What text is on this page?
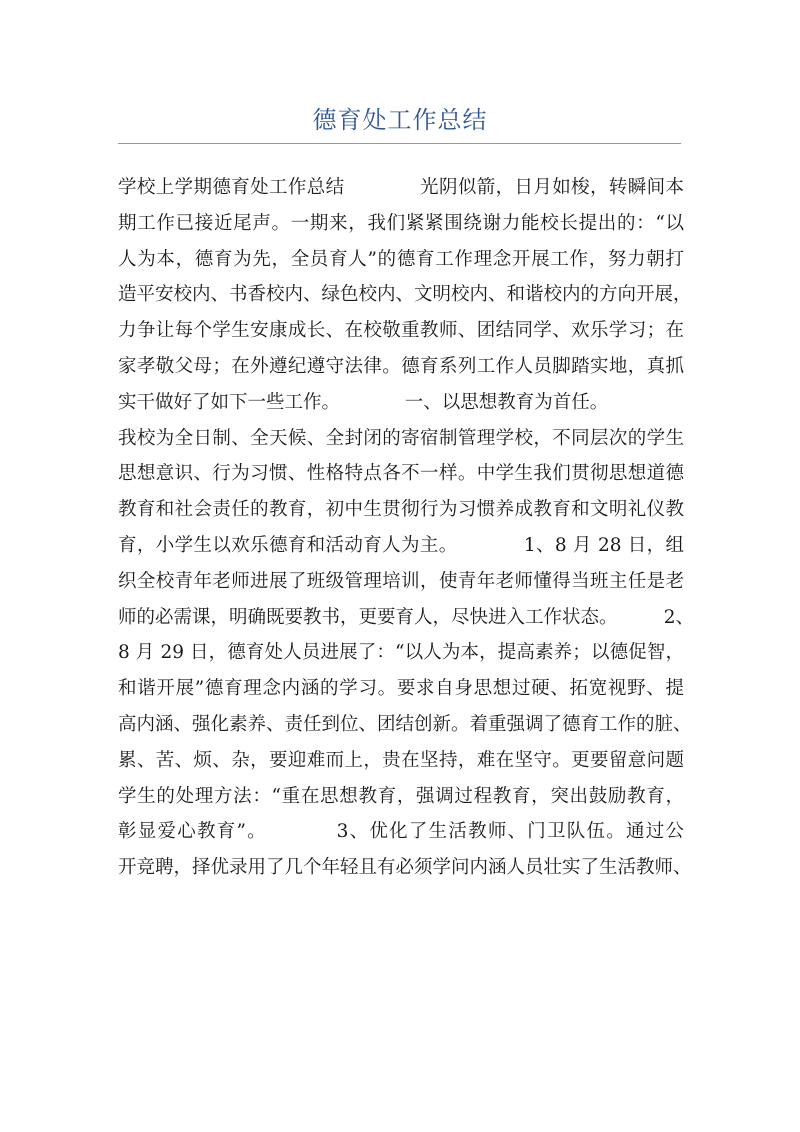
德育处工作总结
学校上学期德育处工作总结　　　　光阴似箭，日月如梭，转瞬间本
期工作已接近尾声。一期来，我们紧紧围绕谢力能校长提出的：“以
人为本，德育为先，全员育人”的德育工作理念开展工作，努力朝打
造平安校内、书香校内、绿色校内、文明校内、和谐校内的方向开展，
力争让每个学生安康成长、在校敬重教师、团结同学、欢乐学习；在
家孝敬父母；在外遵纪遵守法律。德育系列工作人员脚踏实地，真抓
实干做好了如下一些工作。　　　　一、以思想教育为首任。
我校为全日制、全天候、全封闭的寄宿制管理学校，不同层次的学生
思想意识、行为习惯、性格特点各不一样。中学生我们贯彻思想道德
教育和社会责任的教育，初中生贯彻行为习惯养成教育和文明礼仪教
育，小学生以欢乐德育和活动育人为主。　　　　1、8 月 28 日，组
织全校青年老师进展了班级管理培训，使青年老师懂得当班主任是老
师的必需课，明确既要教书，更要育人，尽快进入工作状态。　　　2、
8 月 29 日，德育处人员进展了：“以人为本，提高素养；以德促智，
和谐开展”德育理念内涵的学习。要求自身思想过硬、拓宽视野、提
高内涵、强化素养、责任到位、团结创新。着重强调了德育工作的脏、
累、苦、烦、杂，要迎难而上，贵在坚持，难在坚守。更要留意问题
学生的处理方法：“重在思想教育，强调过程教育，突出鼓励教育，
彰显爱心教育”。　　　　3、优化了生活教师、门卫队伍。通过公
开竞聘，择优录用了几个年轻且有必须学问内涵人员壮实了生活教师、
